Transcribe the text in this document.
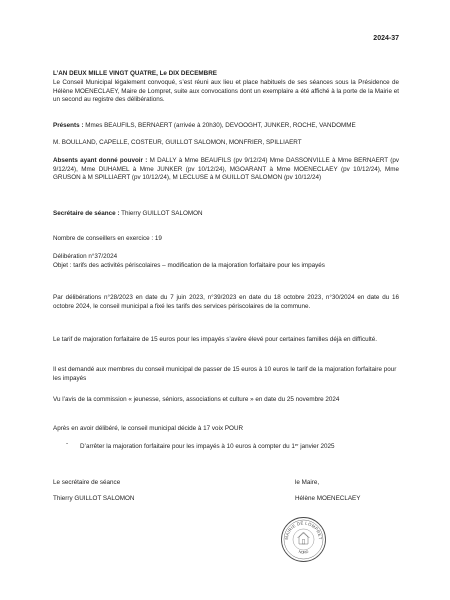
2024-37

L’AN DEUX MILLE VINGT QUATRE, Le DIX DECEMBRE

Le Conseil Municipal légalement convoqué, s’est réuni aux lieu et place habituels de ses séances sous la Présidence de Hélène MOENECLAEY, Maire de Lompret, suite aux convocations dont un exemplaire a été affiché à la porte de la Mairie et un second au registre des délibérations.

Présents : Mmes BEAUFILS, BERNAERT (arrivée à 20h30), DEVOOGHT, JUNKER, ROCHE, VANDOMME

M. BOULLAND, CAPELLE, COSTEUR, GUILLOT SALOMON, MONFRIER, SPILLIAERT

Absents ayant donné pouvoir : M DALLY à Mme BEAUFILS (pv 9/12/24) Mme DASSONVILLE à Mme BERNAERT (pv 9/12/24), Mme DUHAMEL à Mme JUNKER (pv 10/12/24), MGOARANT à Mme MOENECLAEY (pv 10/12/24), Mme GRUSON à M SPILLIAERT (pv 10/12/24), M LECLUSE à M GUILLOT SALOMON (pv 10/12/24)

Secrétaire de séance : Thierry GUILLOT SALOMON

Nombre de conseillers en exercice : 19

Délibération n°37/2024

Objet : tarifs des activités périscolaires – modification de la majoration forfaitaire pour les impayés

Par délibérations n°28/2023 en date du 7 juin 2023, n°39/2023 en date du 18 octobre 2023, n°30/2024 en date du 16 octobre 2024, le conseil municipal a fixé les tarifs des services périscolaires de la commune.

Le tarif de majoration forfaitaire de 15 euros pour les impayés s’avère élevé pour certaines familles déjà en difficulté.

Il est demandé aux membres du conseil municipal de passer de 15 euros à 10 euros le tarif de la majoration forfaitaire pour les impayés

Vu l’avis de la commission « jeunesse, séniors, associations et culture » en date du 25 novembre 2024

Après en avoir délibéré, le conseil municipal décide à 17 voix POUR

- D’arrêter la majoration forfaitaire pour les impayés à 10 euros à compter du 1er janvier 2025

Le secrétaire de séance

Thierry GUILLOT SALOMON

le Maire,

Hélène MOENECLAEY

MAIRIE DE LOMPRET
NORD
